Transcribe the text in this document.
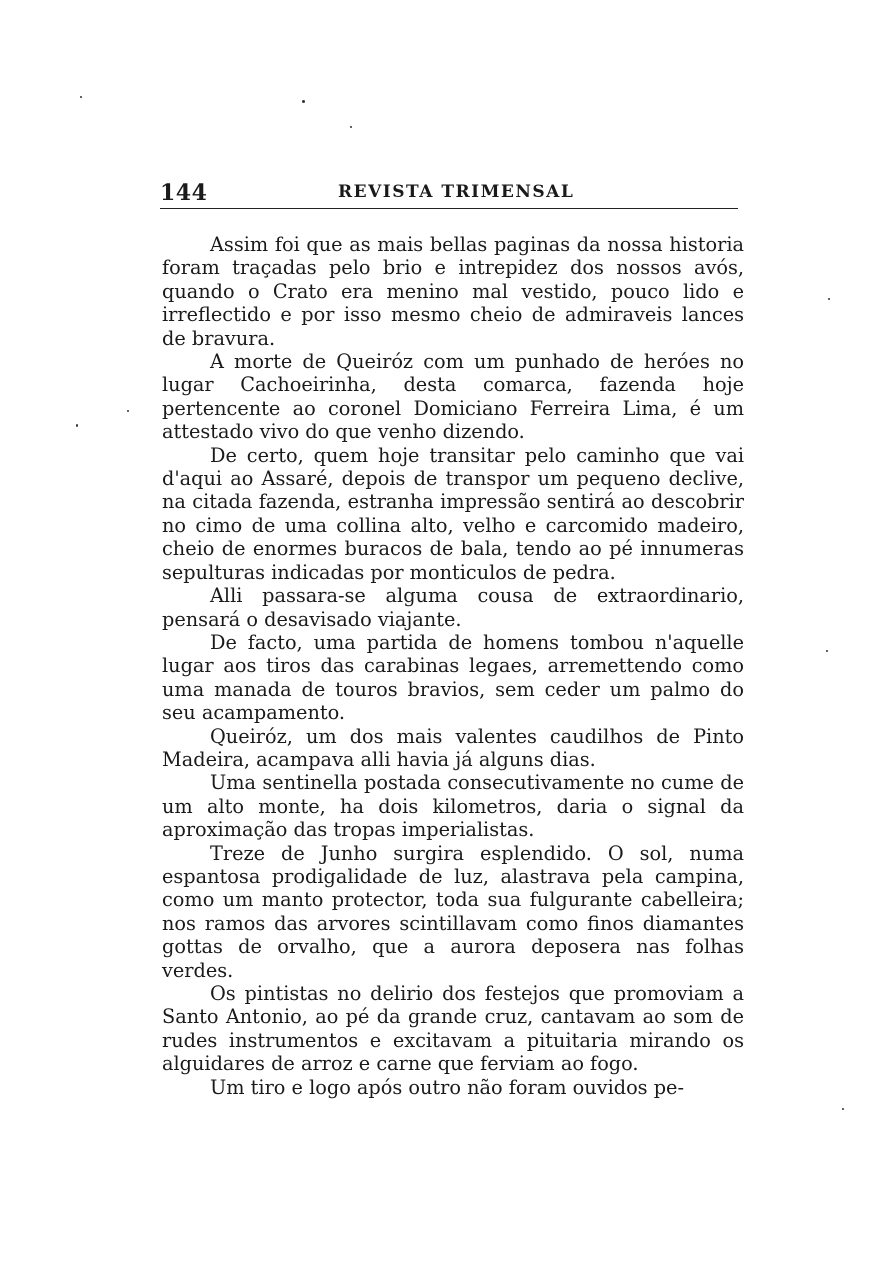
144	REVISTA TRIMENSAL

Assim foi que as mais bellas paginas da nossa historia foram traçadas pelo brio e intrepidez dos nossos avós, quando o Crato era menino mal vestido, pouco lido e irreflectido e por isso mesmo cheio de admiraveis lances de bravura.

A morte de Queiróz com um punhado de heróes no lugar Cachoeirinha, desta comarca, fazenda hoje pertencente ao coronel Domiciano Ferreira Lima, é um attestado vivo do que venho dizendo.

De certo, quem hoje transitar pelo caminho que vai d'aqui ao Assaré, depois de transpor um pequeno declive, na citada fazenda, estranha impressão sentirá ao descobrir no cimo de uma collina alto, velho e carcomido madeiro, cheio de enormes buracos de bala, tendo ao pé innumeras sepulturas indicadas por monticulos de pedra.

Alli passara-se alguma cousa de extraordinario, pensará o desavisado viajante.

De facto, uma partida de homens tombou n'aquelle lugar aos tiros das carabinas legaes, arremettendo como uma manada de touros bravios, sem ceder um palmo do seu acampamento.

Queiróz, um dos mais valentes caudilhos de Pinto Madeira, acampava alli havia já alguns dias.

Uma sentinella postada consecutivamente no cume de um alto monte, ha dois kilometros, daria o signal da aproximação das tropas imperialistas.

Treze de Junho surgira esplendido. O sol, numa espantosa prodigalidade de luz, alastrava pela campina, como um manto protector, toda sua fulgurante cabelleira; nos ramos das arvores scintillavam como finos diamantes gottas de orvalho, que a aurora deposera nas folhas verdes.

Os pintistas no delirio dos festejos que promoviam a Santo Antonio, ao pé da grande cruz, cantavam ao som de rudes instrumentos e excitavam a pituitaria mirando os alguidares de arroz e carne que ferviam ao fogo.

Um tiro e logo após outro não foram ouvidos pe-
